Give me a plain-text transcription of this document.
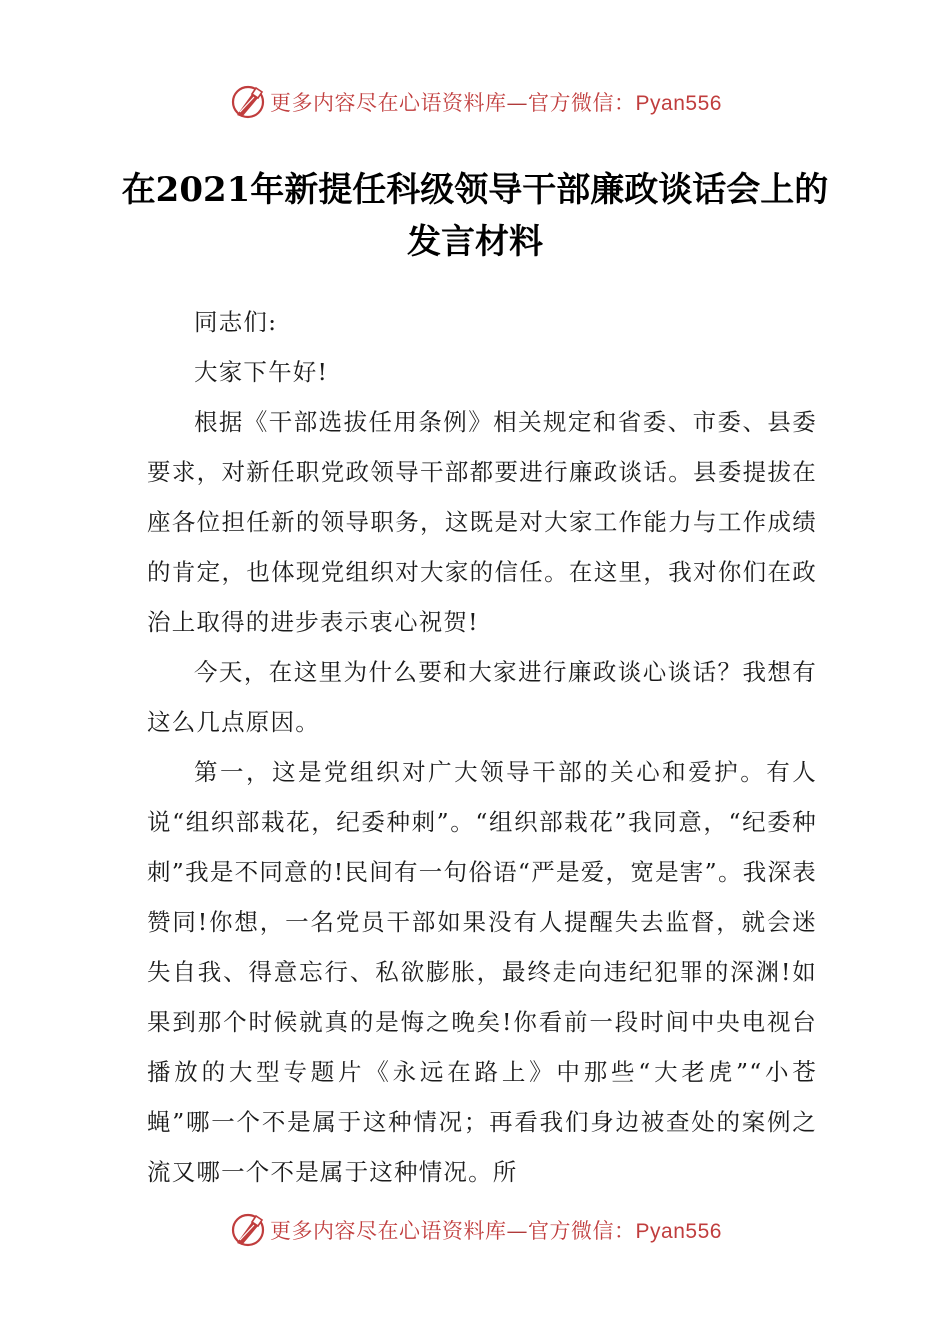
更多内容尽在心语资料库—官方微信：Pyan556
在2021年新提任科级领导干部廉政谈话会上的发言材料

同志们:

大家下午好!

根据《干部选拔任用条例》相关规定和省委、市委、县委要求，对新任职党政领导干部都要进行廉政谈话。县委提拔在座各位担任新的领导职务，这既是对大家工作能力与工作成绩的肯定，也体现党组织对大家的信任。在这里，我对你们在政治上取得的进步表示衷心祝贺!

今天，在这里为什么要和大家进行廉政谈心谈话？我想有这么几点原因。

第一，这是党组织对广大领导干部的关心和爱护。有人说“组织部栽花，纪委种刺”。“组织部栽花”我同意，“纪委种刺”我是不同意的!民间有一句俗语“严是爱，宽是害”。我深表赞同!你想，一名党员干部如果没有人提醒失去监督，就会迷失自我、得意忘行、私欲膨胀，最终走向违纪犯罪的深渊!如果到那个时候就真的是悔之晚矣!你看前一段时间中央电视台播放的大型专题片《永远在路上》中那些“大老虎”“小苍蝇”哪一个不是属于这种情况；再看我们身边被查处的案例之流又哪一个不是属于这种情况。所

更多内容尽在心语资料库—官方微信：Pyan556
